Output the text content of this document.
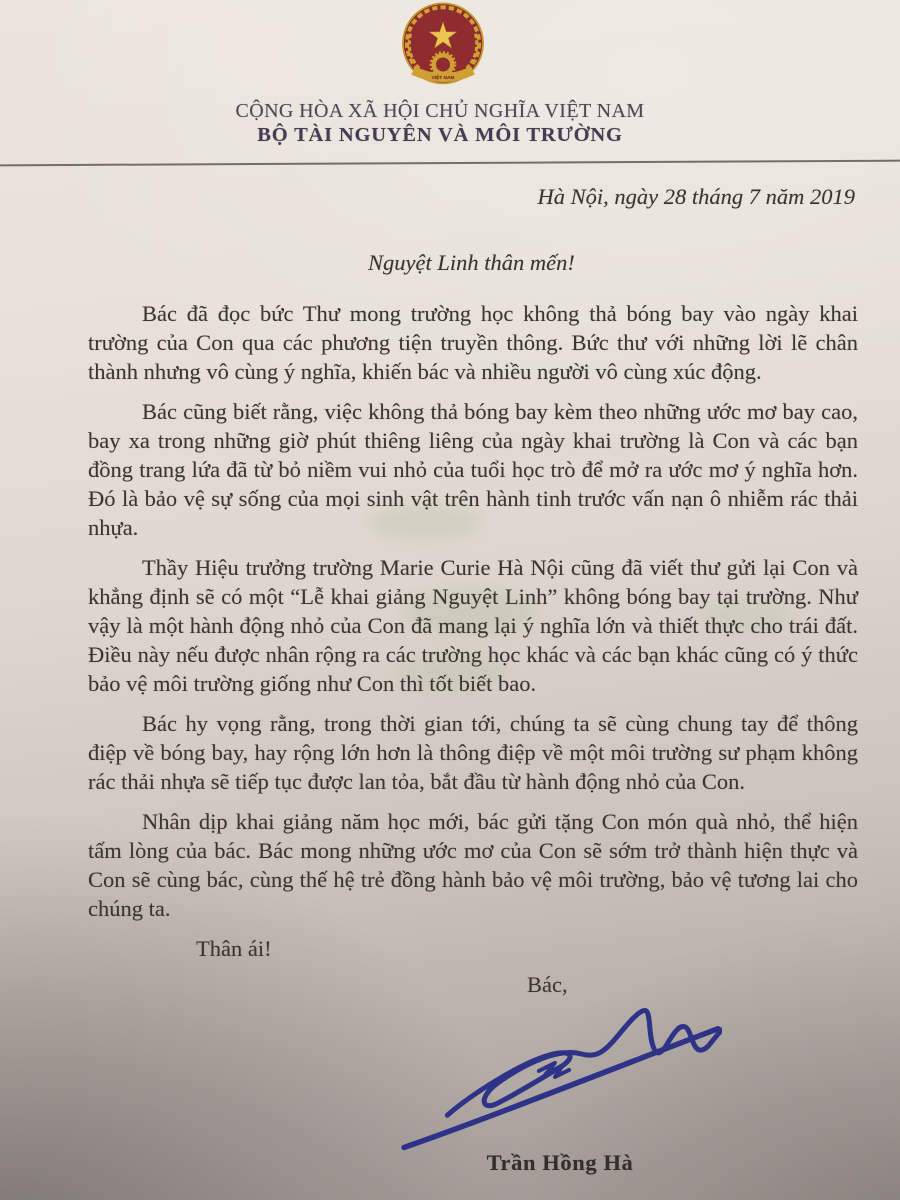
VIỆT NAM
CỘNG HÒA XÃ HỘI CHỦ NGHĨA VIỆT NAM
BỘ TÀI NGUYÊN VÀ MÔI TRƯỜNG
Hà Nội, ngày 28 tháng 7 năm 2019
Nguyệt Linh thân mến!

Bác đã đọc bức Thư mong trường học không thả bóng bay vào ngày khai trường của Con qua các phương tiện truyền thông. Bức thư với những lời lẽ chân thành nhưng vô cùng ý nghĩa, khiến bác và nhiều người vô cùng xúc động.

Bác cũng biết rằng, việc không thả bóng bay kèm theo những ước mơ bay cao, bay xa trong những giờ phút thiêng liêng của ngày khai trường là Con và các bạn đồng trang lứa đã từ bỏ niềm vui nhỏ của tuổi học trò để mở ra ước mơ ý nghĩa hơn. Đó là bảo vệ sự sống của mọi sinh vật trên hành tinh trước vấn nạn ô nhiễm rác thải nhựa.

Thầy Hiệu trưởng trường Marie Curie Hà Nội cũng đã viết thư gửi lại Con và khẳng định sẽ có một “Lễ khai giảng Nguyệt Linh” không bóng bay tại trường. Như vậy là một hành động nhỏ của Con đã mang lại ý nghĩa lớn và thiết thực cho trái đất. Điều này nếu được nhân rộng ra các trường học khác và các bạn khác cũng có ý thức bảo vệ môi trường giống như Con thì tốt biết bao.

Bác hy vọng rằng, trong thời gian tới, chúng ta sẽ cùng chung tay để thông điệp về bóng bay, hay rộng lớn hơn là thông điệp về một môi trường sư phạm không rác thải nhựa sẽ tiếp tục được lan tỏa, bắt đầu từ hành động nhỏ của Con.

Nhân dịp khai giảng năm học mới, bác gửi tặng Con món quà nhỏ, thể hiện tấm lòng của bác. Bác mong những ước mơ của Con sẽ sớm trở thành hiện thực và Con sẽ cùng bác, cùng thế hệ trẻ đồng hành bảo vệ môi trường, bảo vệ tương lai cho chúng ta.

Thân ái!

Bác,
Trần Hồng Hà
